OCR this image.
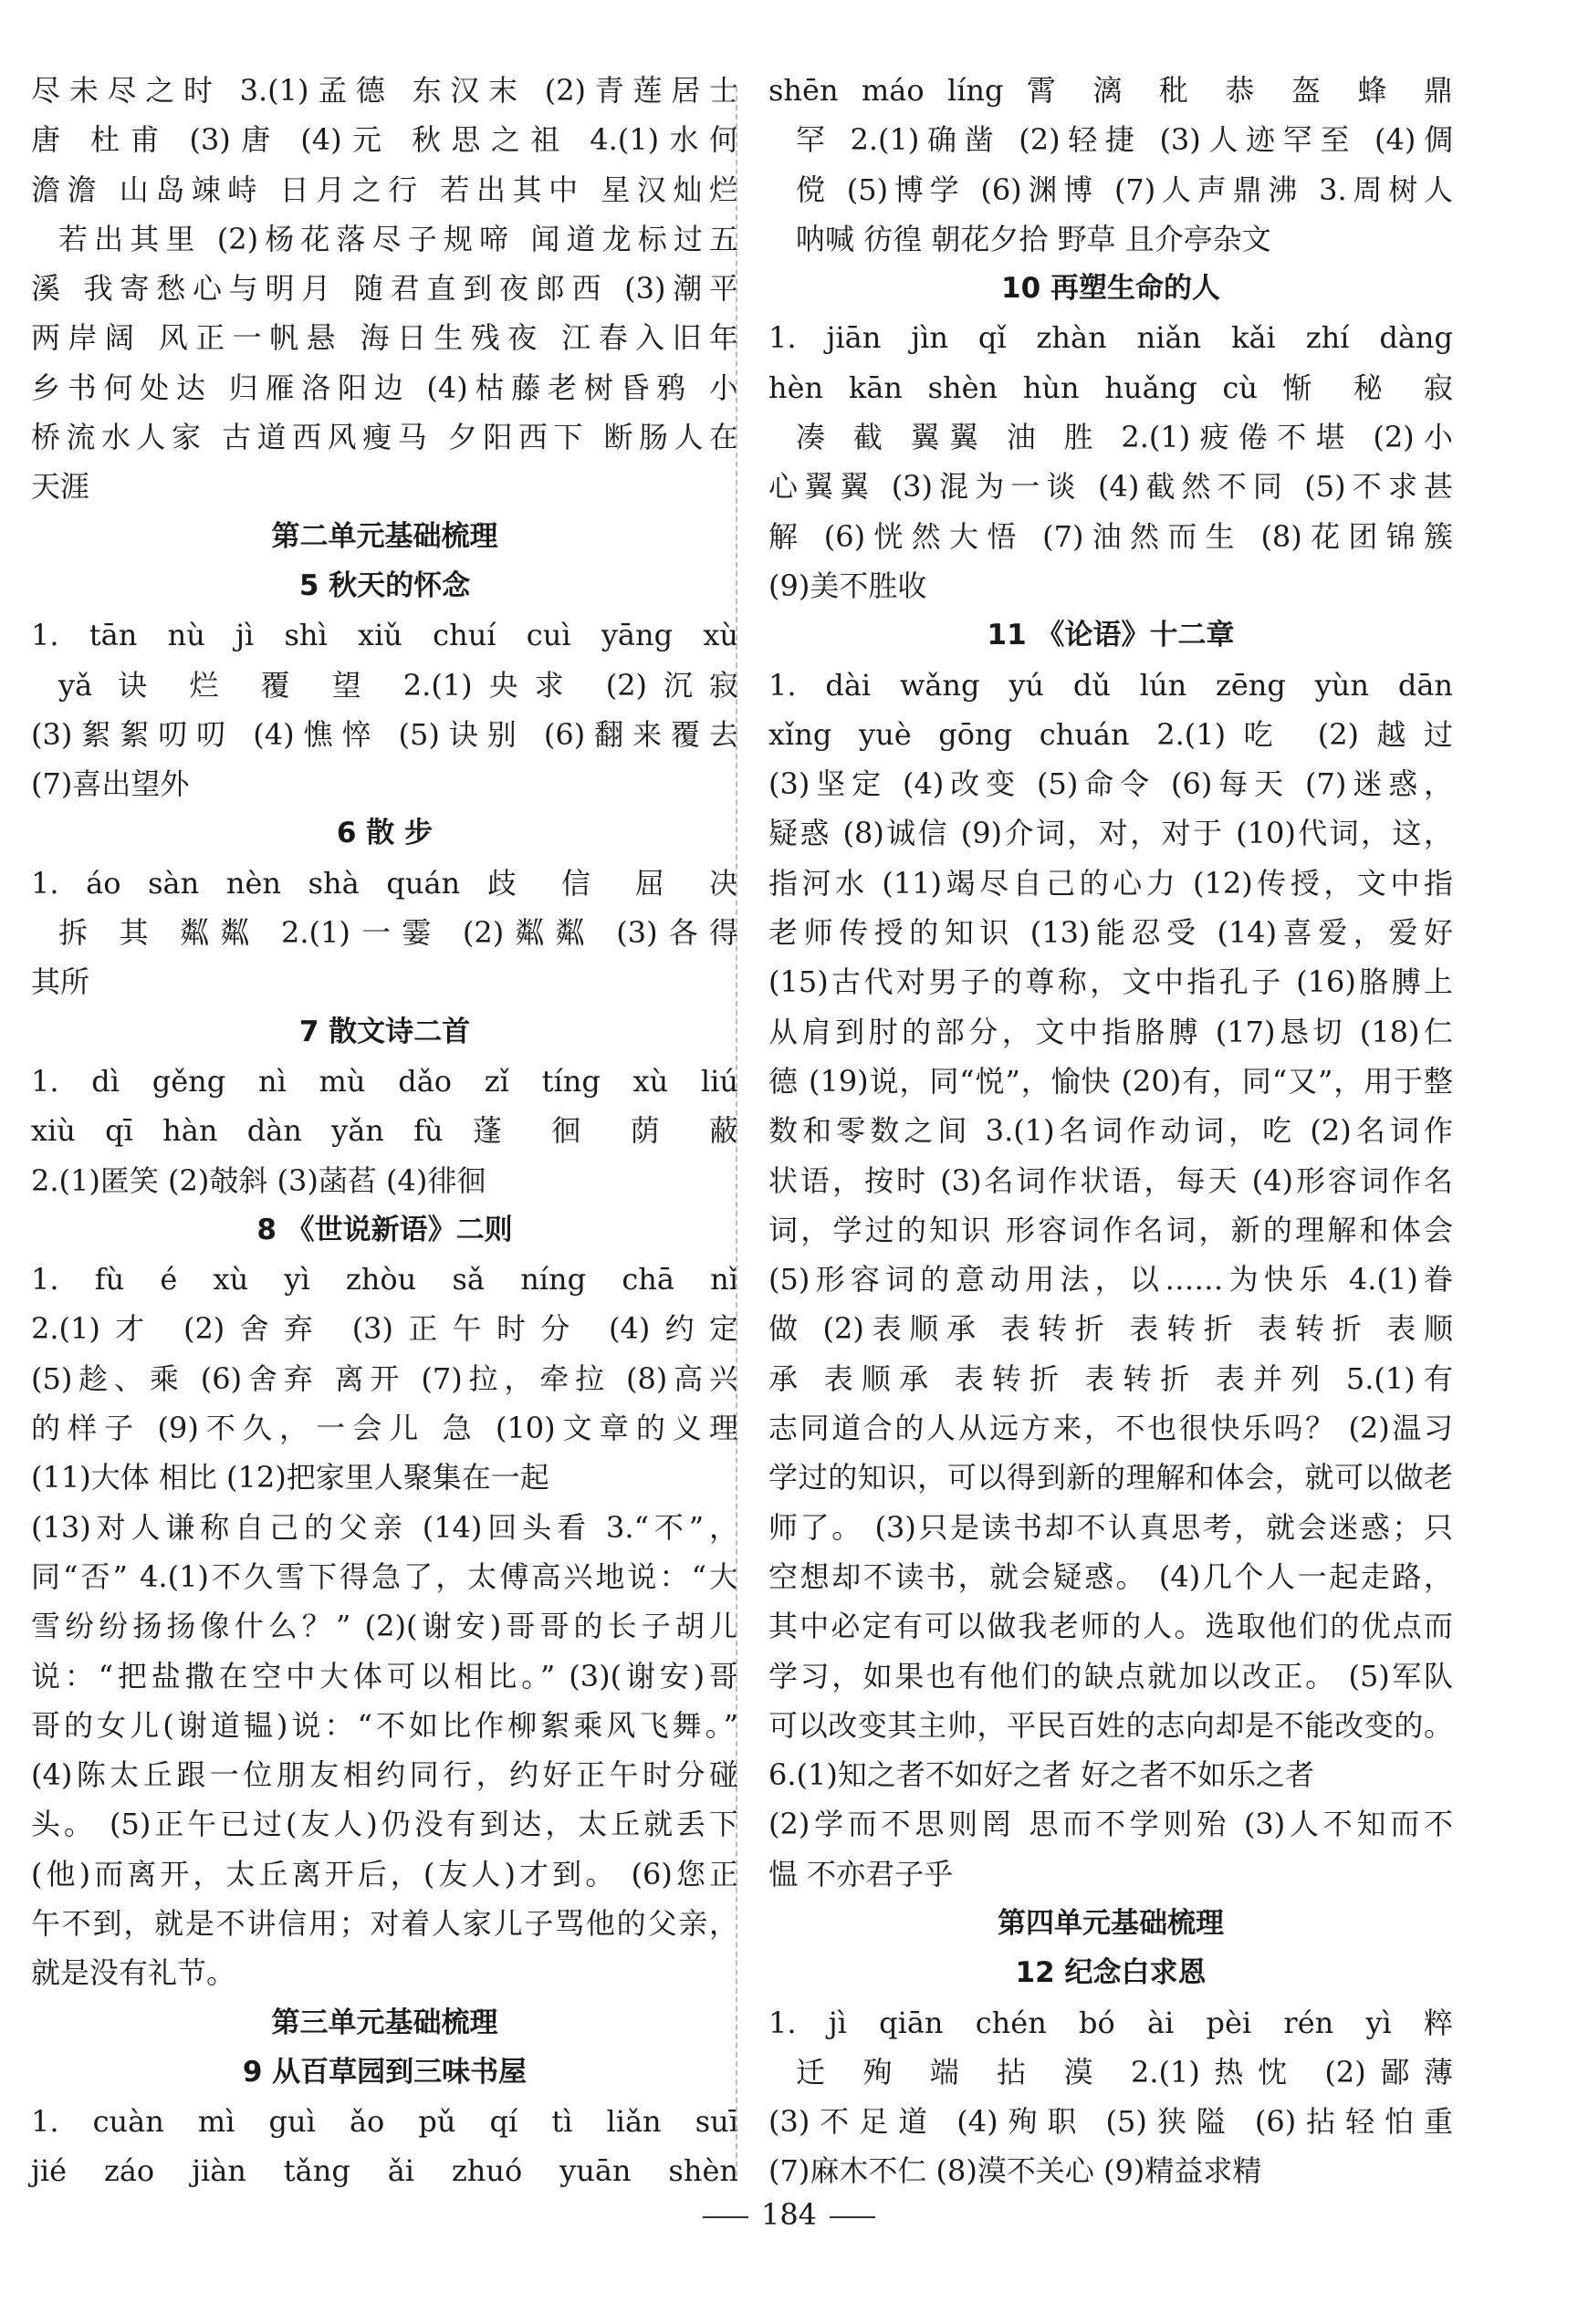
尽未尽之时 3.(1)孟德 东汉末 (2)青莲居士
唐 杜甫 (3)唐 (4)元 秋思之祖 4.(1)水何
澹澹 山岛竦峙 日月之行 若出其中 星汉灿烂
若出其里 (2)杨花落尽子规啼 闻道龙标过五
溪 我寄愁心与明月 随君直到夜郎西 (3)潮平
两岸阔 风正一帆悬 海日生残夜 江春入旧年
乡书何处达 归雁洛阳边 (4)枯藤老树昏鸦 小
桥流水人家 古道西风瘦马 夕阳西下 断肠人在
天涯
第二单元基础梳理
5 秋天的怀念
1. tān nù jì shì xiǔ chuí cuì yāng xù
yǎ 诀 烂 覆 望 2.(1)央求 (2)沉寂
(3)絮絮叨叨 (4)憔悴 (5)诀别 (6)翻来覆去
(7)喜出望外
6 散 步
1. áo sàn nèn shà quán 歧 信 屈 决
拆 其 粼粼 2.(1)一霎 (2)粼粼 (3)各得
其所
7 散文诗二首
1. dì gěng nì mù dǎo zǐ tíng xù liú
xiù qī hàn dàn yǎn fù 蓬 徊 荫 蔽
2.(1)匿笑 (2)攲斜 (3)菡萏 (4)徘徊
8 《世说新语》二则
1. fù é xù yì zhòu sǎ níng chā nǐ
2.(1)才 (2)舍弃 (3)正午时分 (4)约定
(5)趁、乘 (6)舍弃 离开 (7)拉，牵拉 (8)高兴
的样子 (9)不久，一会儿 急 (10)文章的义理
(11)大体 相比 (12)把家里人聚集在一起
(13)对人谦称自己的父亲 (14)回头看 3.“不”，
同“否” 4.(1)不久雪下得急了，太傅高兴地说：“大
雪纷纷扬扬像什么？” (2)(谢安)哥哥的长子胡儿
说：“把盐撒在空中大体可以相比。” (3)(谢安)哥
哥的女儿(谢道韫)说：“不如比作柳絮乘风飞舞。”
(4)陈太丘跟一位朋友相约同行，约好正午时分碰
头。 (5)正午已过(友人)仍没有到达，太丘就丢下
(他)而离开，太丘离开后，(友人)才到。 (6)您正
午不到，就是不讲信用；对着人家儿子骂他的父亲，
就是没有礼节。
第三单元基础梳理
9 从百草园到三味书屋
1. cuàn mì guì ǎo pǔ qí tì liǎn suī
jié záo jiàn tǎng ǎi zhuó yuān shèn
shēn máo líng 霄 漓 秕 恭 盔 蜂 鼎
罕 2.(1)确凿 (2)轻捷 (3)人迹罕至 (4)倜
傥 (5)博学 (6)渊博 (7)人声鼎沸 3.周树人
呐喊 彷徨 朝花夕拾 野草 且介亭杂文
10 再塑生命的人
1. jiān jìn qǐ zhàn niǎn kǎi zhí dàng
hèn kān shèn hùn huǎng cù 惭 秘 寂
凑 截 翼翼 油 胜 2.(1)疲倦不堪 (2)小
心翼翼 (3)混为一谈 (4)截然不同 (5)不求甚
解 (6)恍然大悟 (7)油然而生 (8)花团锦簇
(9)美不胜收
11 《论语》十二章
1. dài wǎng yú dǔ lún zēng yùn dān
xǐng yuè gōng chuán 2.(1)吃 (2)越过
(3)坚定 (4)改变 (5)命令 (6)每天 (7)迷惑，
疑惑 (8)诚信 (9)介词，对，对于 (10)代词，这，
指河水 (11)竭尽自己的心力 (12)传授，文中指
老师传授的知识 (13)能忍受 (14)喜爱，爱好
(15)古代对男子的尊称，文中指孔子 (16)胳膊上
从肩到肘的部分，文中指胳膊 (17)恳切 (18)仁
德 (19)说，同“悦”，愉快 (20)有，同“又”，用于整
数和零数之间 3.(1)名词作动词，吃 (2)名词作
状语，按时 (3)名词作状语，每天 (4)形容词作名
词，学过的知识 形容词作名词，新的理解和体会
(5)形容词的意动用法，以……为快乐 4.(1)眷
做 (2)表顺承 表转折 表转折 表转折 表顺
承 表顺承 表转折 表转折 表并列 5.(1)有
志同道合的人从远方来，不也很快乐吗？ (2)温习
学过的知识，可以得到新的理解和体会，就可以做老
师了。 (3)只是读书却不认真思考，就会迷惑；只
空想却不读书，就会疑惑。 (4)几个人一起走路，
其中必定有可以做我老师的人。选取他们的优点而
学习，如果也有他们的缺点就加以改正。 (5)军队
可以改变其主帅，平民百姓的志向却是不能改变的。
6.(1)知之者不如好之者 好之者不如乐之者
(2)学而不思则罔 思而不学则殆 (3)人不知而不
愠 不亦君子乎
第四单元基础梳理
12 纪念白求恩
1. jì qiān chén bó ài pèi rén yì 粹
迁 殉 端 拈 漠 2.(1)热忱 (2)鄙薄
(3)不足道 (4)殉职 (5)狭隘 (6)拈轻怕重
(7)麻木不仁 (8)漠不关心 (9)精益求精
184
